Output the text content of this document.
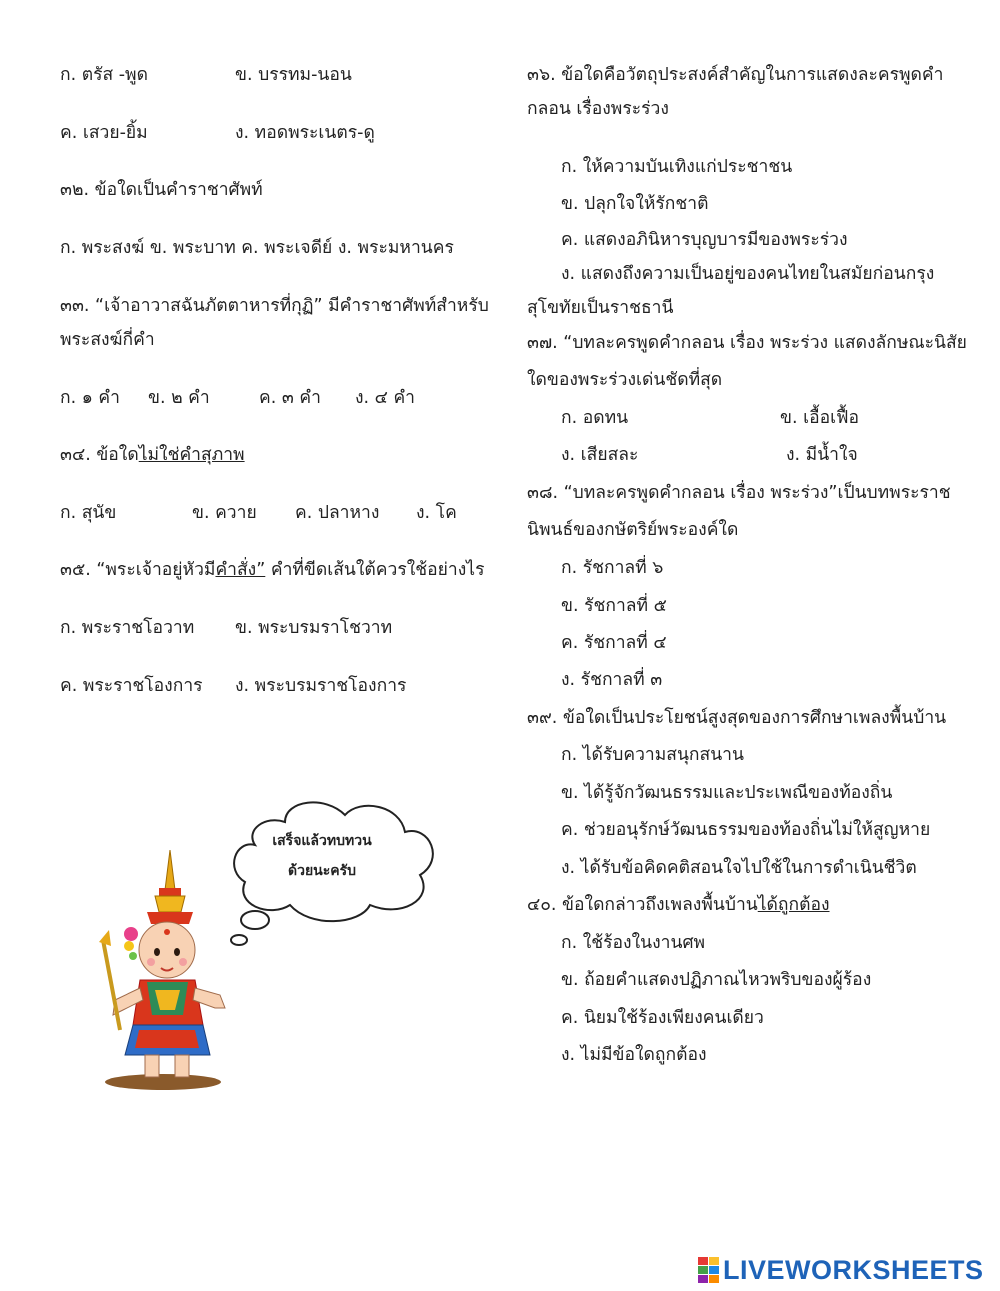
ก. ตรัส -พูด	ข. บรรทม-นอน
ค. เสวย-ยิ้ม	ง. ทอดพระเนตร-ดู
๓๒. ข้อใดเป็นคำราชาศัพท์
ก. พระสงฆ์ ข. พระบาท ค. พระเจดีย์ ง. พระมหานคร
๓๓. “เจ้าอาวาสฉันภัตตาหารที่กุฏิ” มีคำราชาศัพท์สำหรับ
พระสงฆ์กี่คำ
ก. ๑ คำ ข. ๒ คำ	ค. ๓ คำ ง. ๔ คำ
๓๔. ข้อใดไม่ใช่คำสุภาพ
ก. สุนัข	ข. ควาย ค. ปลาหาง ง. โค
๓๕. “พระเจ้าอยู่หัวมีคำสั่ง” คำที่ขีดเส้นใต้ควรใช้อย่างไร
ก. พระราชโอวาท ข. พระบรมราโชวาท
ค. พระราชโองการ ง. พระบรมราชโองการ
เสร็จแล้วทบทวน
ด้วยนะครับ
๓๖. ข้อใดคือวัตถุประสงค์สำคัญในการแสดงละครพูดคำ
กลอน เรื่องพระร่วง
ก. ให้ความบันเทิงแก่ประชาชน
ข. ปลุกใจให้รักชาติ
ค. แสดงอภินิหารบุญบารมีของพระร่วง
ง. แสดงถึงความเป็นอยู่ของคนไทยในสมัยก่อนกรุง
สุโขทัยเป็นราชธานี
๓๗. “บทละครพูดคำกลอน เรื่อง พระร่วง แสดงลักษณะนิสัย
ใดของพระร่วงเด่นชัดที่สุด
ก. อดทน	ข. เอื้อเฟื้อ
ง. เสียสละ	ง. มีน้ำใจ
๓๘. “บทละครพูดคำกลอน เรื่อง พระร่วง”เป็นบทพระราช
นิพนธ์ของกษัตริย์พระองค์ใด
ก. รัชกาลที่ ๖
ข. รัชกาลที่ ๕
ค. รัชกาลที่ ๔
ง. รัชกาลที่ ๓
๓๙. ข้อใดเป็นประโยชน์สูงสุดของการศึกษาเพลงพื้นบ้าน
ก. ได้รับความสนุกสนาน
ข. ได้รู้จักวัฒนธรรมและประเพณีของท้องถิ่น
ค. ช่วยอนุรักษ์วัฒนธรรมของท้องถิ่นไม่ให้สูญหาย
ง. ได้รับข้อคิดคติสอนใจไปใช้ในการดำเนินชีวิต
๔๐. ข้อใดกล่าวถึงเพลงพื้นบ้านได้ถูกต้อง
ก. ใช้ร้องในงานศพ
ข. ถ้อยคำแสดงปฏิภาณไหวพริบของผู้ร้อง
ค. นิยมใช้ร้องเพียงคนเดียว
ง. ไม่มีข้อใดถูกต้อง
LIVEWORKSHEETS
